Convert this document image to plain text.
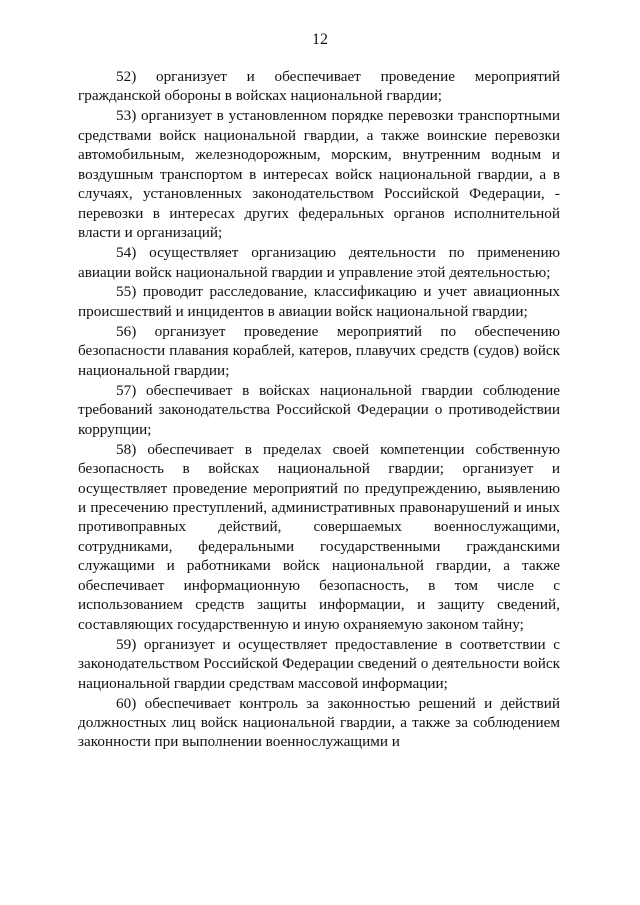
12

52) организует и обеспечивает проведение мероприятий гражданской обороны в войсках национальной гвардии;

53) организует в установленном порядке перевозки транспортными средствами войск национальной гвардии, а также воинские перевозки автомобильным, железнодорожным, морским, внутренним водным и воздушным транспортом в интересах войск национальной гвардии, а в случаях, установленных законодательством Российской Федерации, - перевозки в интересах других федеральных органов исполнительной власти и организаций;

54) осуществляет организацию деятельности по применению авиации войск национальной гвардии и управление этой деятельностью;

55) проводит расследование, классификацию и учет авиационных происшествий и инцидентов в авиации войск национальной гвардии;

56) организует проведение мероприятий по обеспечению безопасности плавания кораблей, катеров, плавучих средств (судов) войск национальной гвардии;

57) обеспечивает в войсках национальной гвардии соблюдение требований законодательства Российской Федерации о противодействии коррупции;

58) обеспечивает в пределах своей компетенции собственную безопасность в войсках национальной гвардии; организует и осуществляет проведение мероприятий по предупреждению, выявлению и пресечению преступлений, административных правонарушений и иных противоправных действий, совершаемых военнослужащими, сотрудниками, федеральными государственными гражданскими служащими и работниками войск национальной гвардии, а также обеспечивает информационную безопасность, в том числе с использованием средств защиты информации, и защиту сведений, составляющих государственную и иную охраняемую законом тайну;

59) организует и осуществляет предоставление в соответствии с законодательством Российской Федерации сведений о деятельности войск национальной гвардии средствам массовой информации;

60) обеспечивает контроль за законностью решений и действий должностных лиц войск национальной гвардии, а также за соблюдением законности при выполнении военнослужащими и
